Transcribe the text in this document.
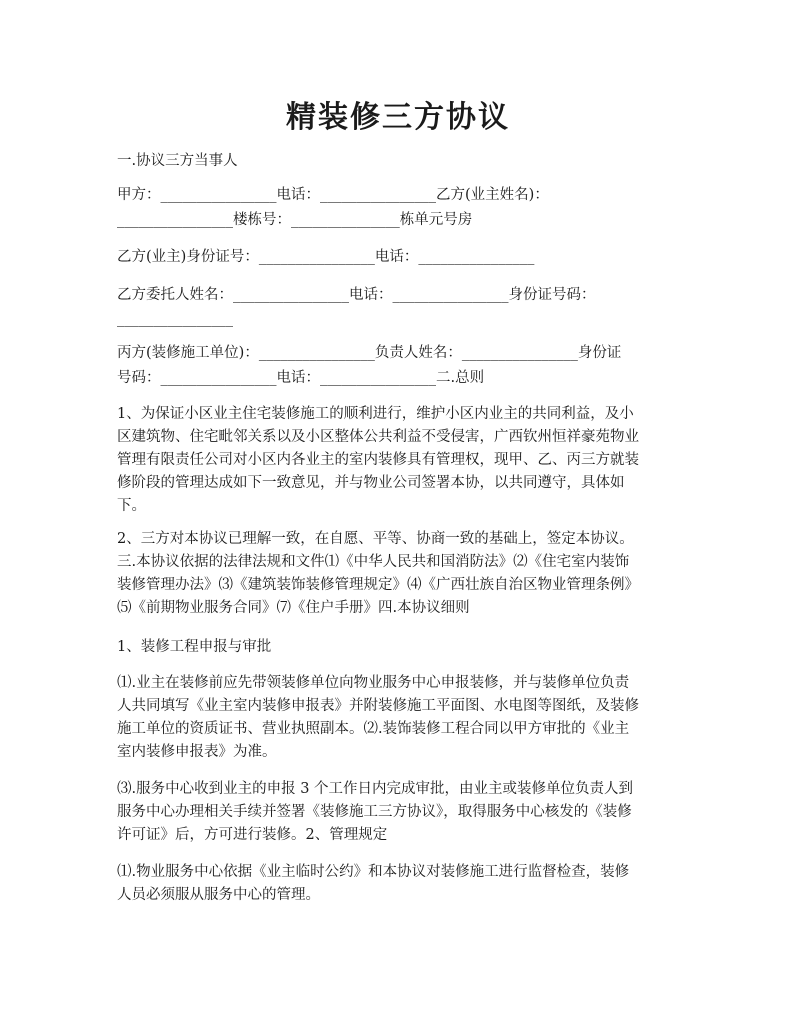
精装修三方协议
一.协议三方当事人
甲方：________________电话：________________乙方(业主姓名)：
________________楼栋号：_______________栋单元号房
乙方(业主)身份证号：________________电话：________________
乙方委托人姓名：________________电话：________________身份证号码：
________________
丙方(装修施工单位)：________________负责人姓名：________________身份证
号码：________________电话：________________二.总则
1、为保证小区业主住宅装修施工的顺利进行，维护小区内业主的共同利益，及小
区建筑物、住宅毗邻关系以及小区整体公共利益不受侵害，广西钦州恒祥豪苑物业
管理有限责任公司对小区内各业主的室内装修具有管理权，现甲、乙、丙三方就装
修阶段的管理达成如下一致意见，并与物业公司签署本协，以共同遵守，具体如
下。
2、三方对本协议已理解一致，在自愿、平等、协商一致的基础上，签定本协议。
三.本协议依据的法律法规和文件⑴《中华人民共和国消防法》⑵《住宅室内装饰
装修管理办法》⑶《建筑装饰装修管理规定》⑷《广西壮族自治区物业管理条例》
⑸《前期物业服务合同》⑺《住户手册》四.本协议细则
1、装修工程申报与审批
⑴.业主在装修前应先带领装修单位向物业服务中心申报装修，并与装修单位负责
人共同填写《业主室内装修申报表》并附装修施工平面图、水电图等图纸，及装修
施工单位的资质证书、营业执照副本。⑵.装饰装修工程合同以甲方审批的《业主
室内装修申报表》为准。
⑶.服务中心收到业主的申报 3 个工作日内完成审批，由业主或装修单位负责人到
服务中心办理相关手续并签署《装修施工三方协议》，取得服务中心核发的《装修
许可证》后，方可进行装修。2、管理规定
⑴.物业服务中心依据《业主临时公约》和本协议对装修施工进行监督检查，装修
人员必须服从服务中心的管理。
